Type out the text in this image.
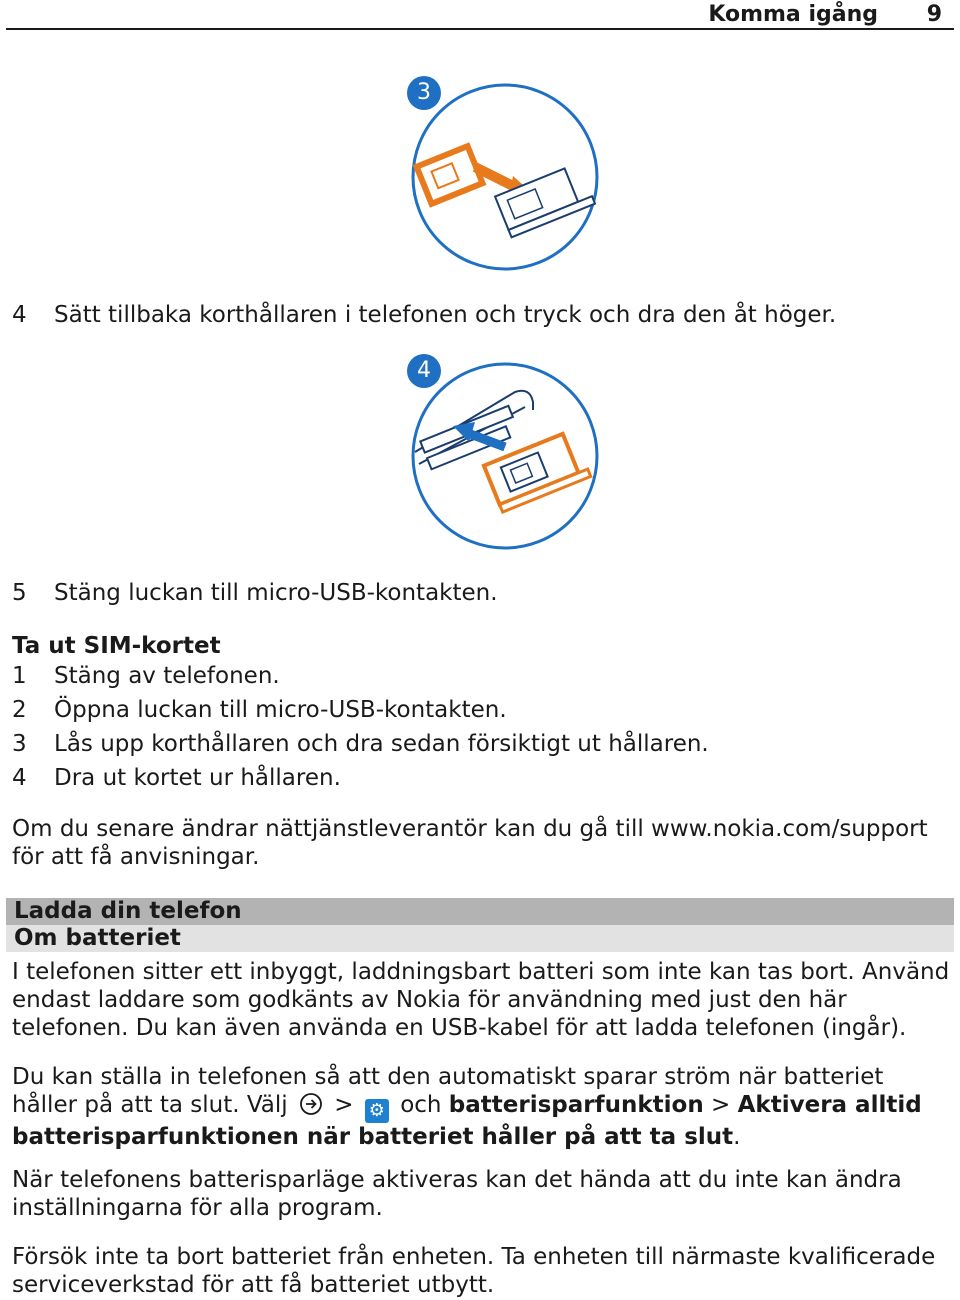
Komma igång 9
3
4 Sätt tillbaka korthållaren i telefonen och tryck och dra den åt höger.
4
5 Stäng luckan till micro-USB-kontakten.
Ta ut SIM-kortet
1 Stäng av telefonen.
2 Öppna luckan till micro-USB-kontakten.
3 Lås upp korthållaren och dra sedan försiktigt ut hållaren.
4 Dra ut kortet ur hållaren.
Om du senare ändrar nättjänstleverantör kan du gå till www.nokia.com/support för att få anvisningar.
Ladda din telefon
Om batteriet
I telefonen sitter ett inbyggt, laddningsbart batteri som inte kan tas bort. Använd endast laddare som godkänts av Nokia för användning med just den här telefonen. Du kan även använda en USB-kabel för att ladda telefonen (ingår).
Du kan ställa in telefonen så att den automatiskt sparar ström när batteriet håller på att ta slut. Välj > ⚙ och batterisparfunktion > Aktivera alltid batterisparfunktionen när batteriet håller på att ta slut.
När telefonens batterisparläge aktiveras kan det hända att du inte kan ändra inställningarna för alla program.
Försök inte ta bort batteriet från enheten. Ta enheten till närmaste kvalificerade serviceverkstad för att få batteriet utbytt.
